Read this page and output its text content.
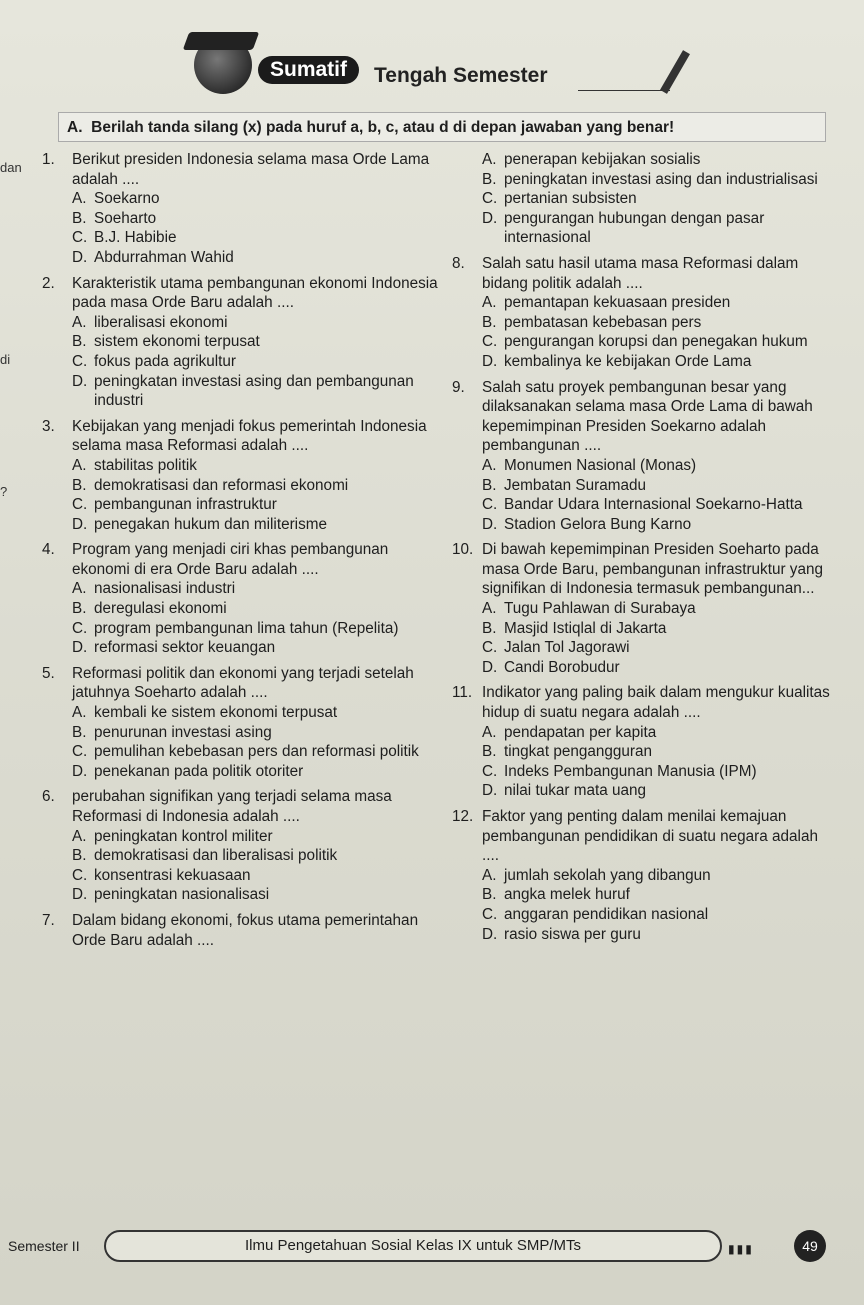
Sumatif	Tengah Semester
A. Berilah tanda silang (x) pada huruf a, b, c, atau d di depan jawaban yang benar!
dan
di
?
1.	Berikut presiden Indonesia selama masa Orde Lama adalah ....
A. Soekarno
B. Soeharto
C. B.J. Habibie
D. Abdurrahman Wahid
2.	Karakteristik utama pembangunan ekonomi Indonesia pada masa Orde Baru adalah ....
A. liberalisasi ekonomi
B. sistem ekonomi terpusat
C. fokus pada agrikultur
D. peningkatan investasi asing dan pembangunan industri
3.	Kebijakan yang menjadi fokus pemerintah Indonesia selama masa Reformasi adalah ....
A. stabilitas politik
B. demokratisasi dan reformasi ekonomi
C. pembangunan infrastruktur
D. penegakan hukum dan militerisme
4.	Program yang menjadi ciri khas pembangunan ekonomi di era Orde Baru adalah ....
A. nasionalisasi industri
B. deregulasi ekonomi
C. program pembangunan lima tahun (Repelita)
D. reformasi sektor keuangan
5.	Reformasi politik dan ekonomi yang terjadi setelah jatuhnya Soeharto adalah ....
A. kembali ke sistem ekonomi terpusat
B. penurunan investasi asing
C. pemulihan kebebasan pers dan reformasi politik
D. penekanan pada politik otoriter
6.	perubahan signifikan yang terjadi selama masa Reformasi di Indonesia adalah ....
A. peningkatan kontrol militer
B. demokratisasi dan liberalisasi politik
C. konsentrasi kekuasaan
D. peningkatan nasionalisasi
7.	Dalam bidang ekonomi, fokus utama pemerintahan Orde Baru adalah ....
A. penerapan kebijakan sosialis
B. peningkatan investasi asing dan industrialisasi
C. pertanian subsisten
D. pengurangan hubungan dengan pasar internasional
8.	Salah satu hasil utama masa Reformasi dalam bidang politik adalah ....
A. pemantapan kekuasaan presiden
B. pembatasan kebebasan pers
C. pengurangan korupsi dan penegakan hukum
D. kembalinya ke kebijakan Orde Lama
9.	Salah satu proyek pembangunan besar yang dilaksanakan selama masa Orde Lama di bawah kepemimpinan Presiden Soekarno adalah pembangunan ....
A. Monumen Nasional (Monas)
B. Jembatan Suramadu
C. Bandar Udara Internasional Soekarno-Hatta
D. Stadion Gelora Bung Karno
10. Di bawah kepemimpinan Presiden Soeharto pada masa Orde Baru, pembangunan infrastruktur yang signifikan di Indonesia termasuk pembangunan...
A. Tugu Pahlawan di Surabaya
B. Masjid Istiqlal di Jakarta
C. Jalan Tol Jagorawi
D. Candi Borobudur
11. Indikator yang paling baik dalam mengukur kualitas hidup di suatu negara adalah ....
A. pendapatan per kapita
B. tingkat pengangguran
C. Indeks Pembangunan Manusia (IPM)
D. nilai tukar mata uang
12. Faktor yang penting dalam menilai kemajuan pembangunan pendidikan di suatu negara adalah ....
A. jumlah sekolah yang dibangun
B. angka melek huruf
C. anggaran pendidikan nasional
D. rasio siswa per guru
Semester II	Ilmu Pengetahuan Sosial Kelas IX untuk SMP/MTs	▮▮▮	49
